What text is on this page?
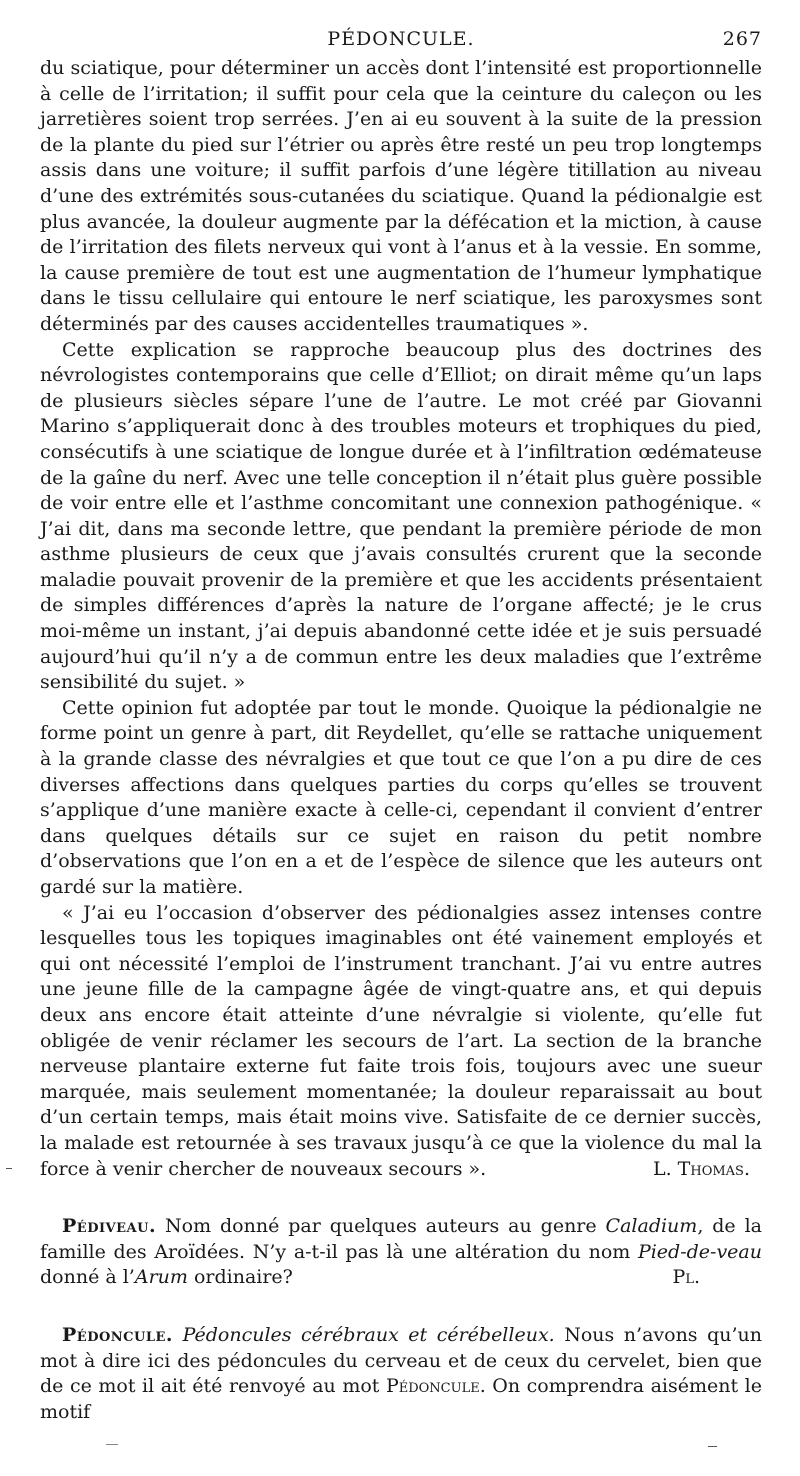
PÉDONCULE.	267

du sciatique, pour déterminer un accès dont l’intensité est proportionnelle à celle de l’irritation; il suffit pour cela que la ceinture du caleçon ou les jarretières soient trop serrées. J’en ai eu souvent à la suite de la pression de la plante du pied sur l’étrier ou après être resté un peu trop longtemps assis dans une voiture; il suffit parfois d’une légère titillation au niveau d’une des extrémités sous-cutanées du sciatique. Quand la pédionalgie est plus avancée, la douleur augmente par la défécation et la miction, à cause de l’irritation des filets nerveux qui vont à l’anus et à la vessie. En somme, la cause première de tout est une augmentation de l’humeur lymphatique dans le tissu cellulaire qui entoure le nerf sciatique, les paroxysmes sont déterminés par des causes accidentelles traumatiques ».

Cette explication se rapproche beaucoup plus des doctrines des névrologistes contemporains que celle d’Elliot; on dirait même qu’un laps de plusieurs siècles sépare l’une de l’autre. Le mot créé par Giovanni Marino s’appliquerait donc à des troubles moteurs et trophiques du pied, consécutifs à une sciatique de longue durée et à l’infiltration œdémateuse de la gaîne du nerf. Avec une telle conception il n’était plus guère possible de voir entre elle et l’asthme concomitant une connexion pathogénique. « J’ai dit, dans ma seconde lettre, que pendant la première période de mon asthme plusieurs de ceux que j’avais consultés crurent que la seconde maladie pouvait provenir de la première et que les accidents présentaient de simples différences d’après la nature de l’organe affecté; je le crus moi-même un instant, j’ai depuis abandonné cette idée et je suis persuadé aujourd’hui qu’il n’y a de commun entre les deux maladies que l’extrême sensibilité du sujet. »

Cette opinion fut adoptée par tout le monde. Quoique la pédionalgie ne forme point un genre à part, dit Reydellet, qu’elle se rattache uniquement à la grande classe des névralgies et que tout ce que l’on a pu dire de ces diverses affections dans quelques parties du corps qu’elles se trouvent s’applique d’une manière exacte à celle-ci, cependant il convient d’entrer dans quelques détails sur ce sujet en raison du petit nombre d’observations que l’on en a et de l’espèce de silence que les auteurs ont gardé sur la matière.

« J’ai eu l’occasion d’observer des pédionalgies assez intenses contre lesquelles tous les topiques imaginables ont été vainement employés et qui ont nécessité l’emploi de l’instrument tranchant. J’ai vu entre autres une jeune fille de la campagne âgée de vingt-quatre ans, et qui depuis deux ans encore était atteinte d’une névralgie si violente, qu’elle fut obligée de venir réclamer les secours de l’art. La section de la branche nerveuse plantaire externe fut faite trois fois, toujours avec une sueur marquée, mais seulement momentanée; la douleur reparaissait au bout d’un certain temps, mais était moins vive. Satisfaite de ce dernier succès, la malade est retournée à ses travaux jusqu’à ce que la violence du mal la force à venir chercher de nouveaux secours ».	L. Thomas.

Pédiveau. Nom donné par quelques auteurs au genre Caladium, de la famille des Aroïdées. N’y a-t-il pas là une altération du nom Pied-de-veau donné à l’Arum ordinaire?	Pl.

Pédoncule. Pédoncules cérébraux et cérébelleux. Nous n’avons qu’un mot à dire ici des pédoncules du cerveau et de ceux du cervelet, bien que de ce mot il ait été renvoyé au mot Pédoncule. On comprendra aisément le motif
